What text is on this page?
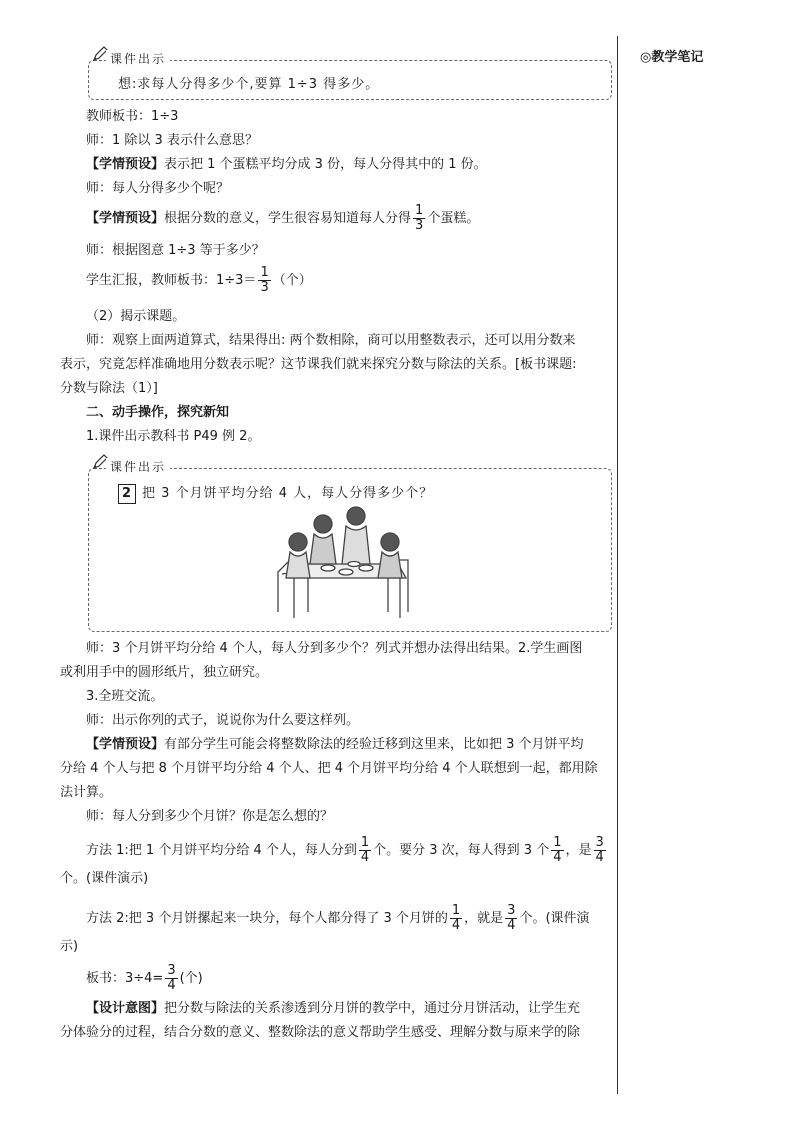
◎教学笔记
课件出示
想:求每人分得多少个,要算 1÷3 得多少。
教师板书：1÷3
师：1 除以 3 表示什么意思？
【学情预设】表示把 1 个蛋糕平均分成 3 份，每人分得其中的 1 份。
师：每人分得多少个呢？
【学情预设】根据分数的意义，学生很容易知道每人分得 $\frac{1}{3}$ 个蛋糕。
师：根据图意 1÷3 等于多少？
学生汇报，教师板书：$1\div 3= \frac{1}{3}$ （个）
（2）揭示课题。
师：观察上面两道算式，结果得出: 两个数相除，商可以用整数表示，还可以用分数来
表示，究竟怎样准确地用分数表示呢？这节课我们就来探究分数与除法的关系。[板书课题:
分数与除法（1）]
二、动手操作，探究新知
1.课件出示教科书 P49 例 2。
课件出示
2 把 3 个月饼平均分给 4 人，每人分得多少个？
师：3 个月饼平均分给 4 个人，每人分到多少个？列式并想办法得出结果。2.学生画图
或利用手中的圆形纸片，独立研究。
3.全班交流。
师：出示你列的式子，说说你为什么要这样列。
【学情预设】有部分学生可能会将整数除法的经验迁移到这里来，比如把 3 个月饼平均
分给 4 个人与把 8 个月饼平均分给 4 个人、把 4 个月饼平均分给 4 个人联想到一起，都用除
法计算。
师：每人分到多少个月饼？你是怎么想的？
方法 1:把 1 个月饼平均分给 4 个人，每人分到 $\frac{1}{4}$ 个。要分 3 次，每人得到 3 个 $\frac{1}{4}$ ，是 $\frac{3}{4}$
个。(课件演示)
方法 2:把 3 个月饼摞起来一块分，每个人都分得了 3 个月饼的 $\frac{1}{4}$ ，就是 $\frac{3}{4}$ 个。(课件演
示)
板书：$3\div 4= \frac{3}{4}$ (个)
【设计意图】把分数与除法的关系渗透到分月饼的教学中，通过分月饼活动，让学生充
分体验分的过程，结合分数的意义、整数除法的意义帮助学生感受、理解分数与原来学的除
